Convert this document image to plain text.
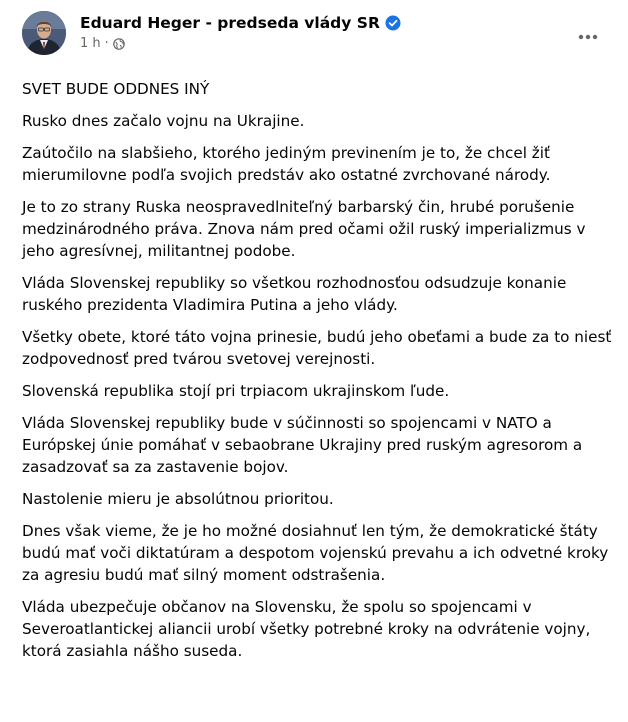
Eduard Heger - predseda vlády SR
1 h ·

SVET BUDE ODDNES INÝ

Rusko dnes začalo vojnu na Ukrajine.

Zaútočilo na slabšieho, ktorého jediným previnením je to, že chcel žiť mierumilovne podľa svojich predstáv ako ostatné zvrchované národy.

Je to zo strany Ruska neospravedlniteľný barbarský čin, hrubé porušenie medzinárodného práva. Znova nám pred očami ožil ruský imperializmus v jeho agresívnej, militantnej podobe.

Vláda Slovenskej republiky so všetkou rozhodnosťou odsudzuje konanie ruského prezidenta Vladimira Putina a jeho vlády.

Všetky obete, ktoré táto vojna prinesie, budú jeho obeťami a bude za to niesť zodpovednosť pred tvárou svetovej verejnosti.

Slovenská republika stojí pri trpiacom ukrajinskom ľude.

Vláda Slovenskej republiky bude v súčinnosti so spojencami v NATO a Európskej únie pomáhať v sebaobrane Ukrajiny pred ruským agresorom a zasadzovať sa za zastavenie bojov.

Nastolenie mieru je absolútnou prioritou.

Dnes však vieme, že je ho možné dosiahnuť len tým, že demokratické štáty budú mať voči diktatúram a despotom vojenskú prevahu a ich odvetné kroky za agresiu budú mať silný moment odstrašenia.

Vláda ubezpečuje občanov na Slovensku, že spolu so spojencami v Severoatlantickej aliancii urobí všetky potrebné kroky na odvrátenie vojny, ktorá zasiahla nášho suseda.
